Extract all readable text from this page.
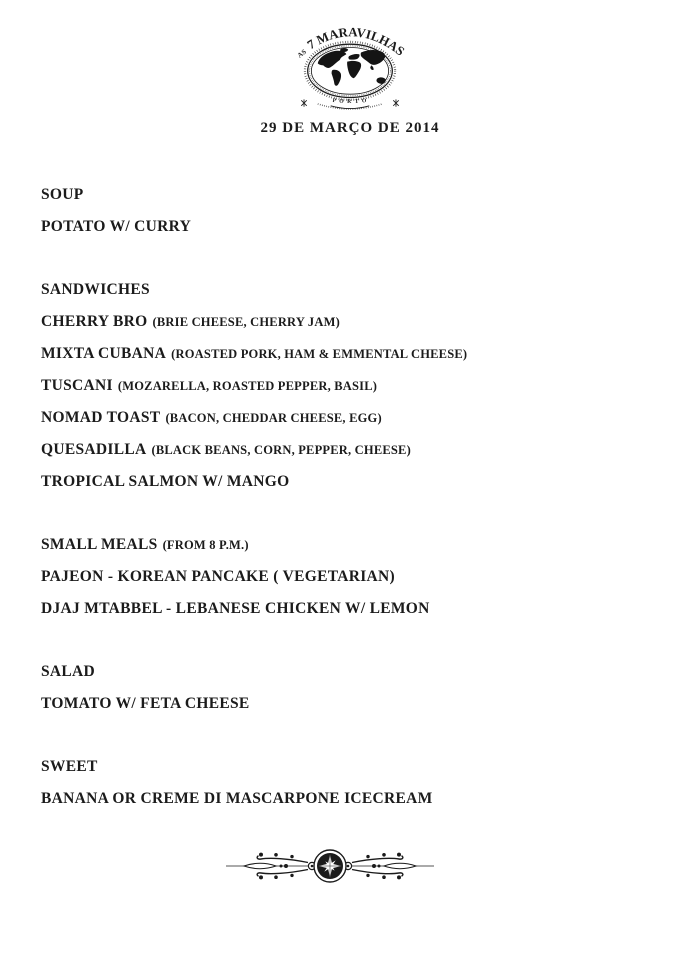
AS 7 MARAVILHAS
P O R T O
29 DE MARÇO DE 2014
SOUP
POTATO W/ CURRY
SANDWICHES
CHERRY BRO (BRIE CHEESE, CHERRY JAM)
MIXTA CUBANA (ROASTED PORK, HAM & EMMENTAL CHEESE)
TUSCANI (MOZARELLA, ROASTED PEPPER, BASIL)
NOMAD TOAST (BACON, CHEDDAR CHEESE, EGG)
QUESADILLA (BLACK BEANS, CORN, PEPPER, CHEESE)
TROPICAL SALMON W/ MANGO
SMALL MEALS (FROM 8 P.M.)
PAJEON - KOREAN PANCAKE ( VEGETARIAN)
DJAJ MTABBEL - LEBANESE CHICKEN W/ LEMON
SALAD
TOMATO W/ FETA CHEESE
SWEET
BANANA OR CREME DI MASCARPONE ICECREAM
